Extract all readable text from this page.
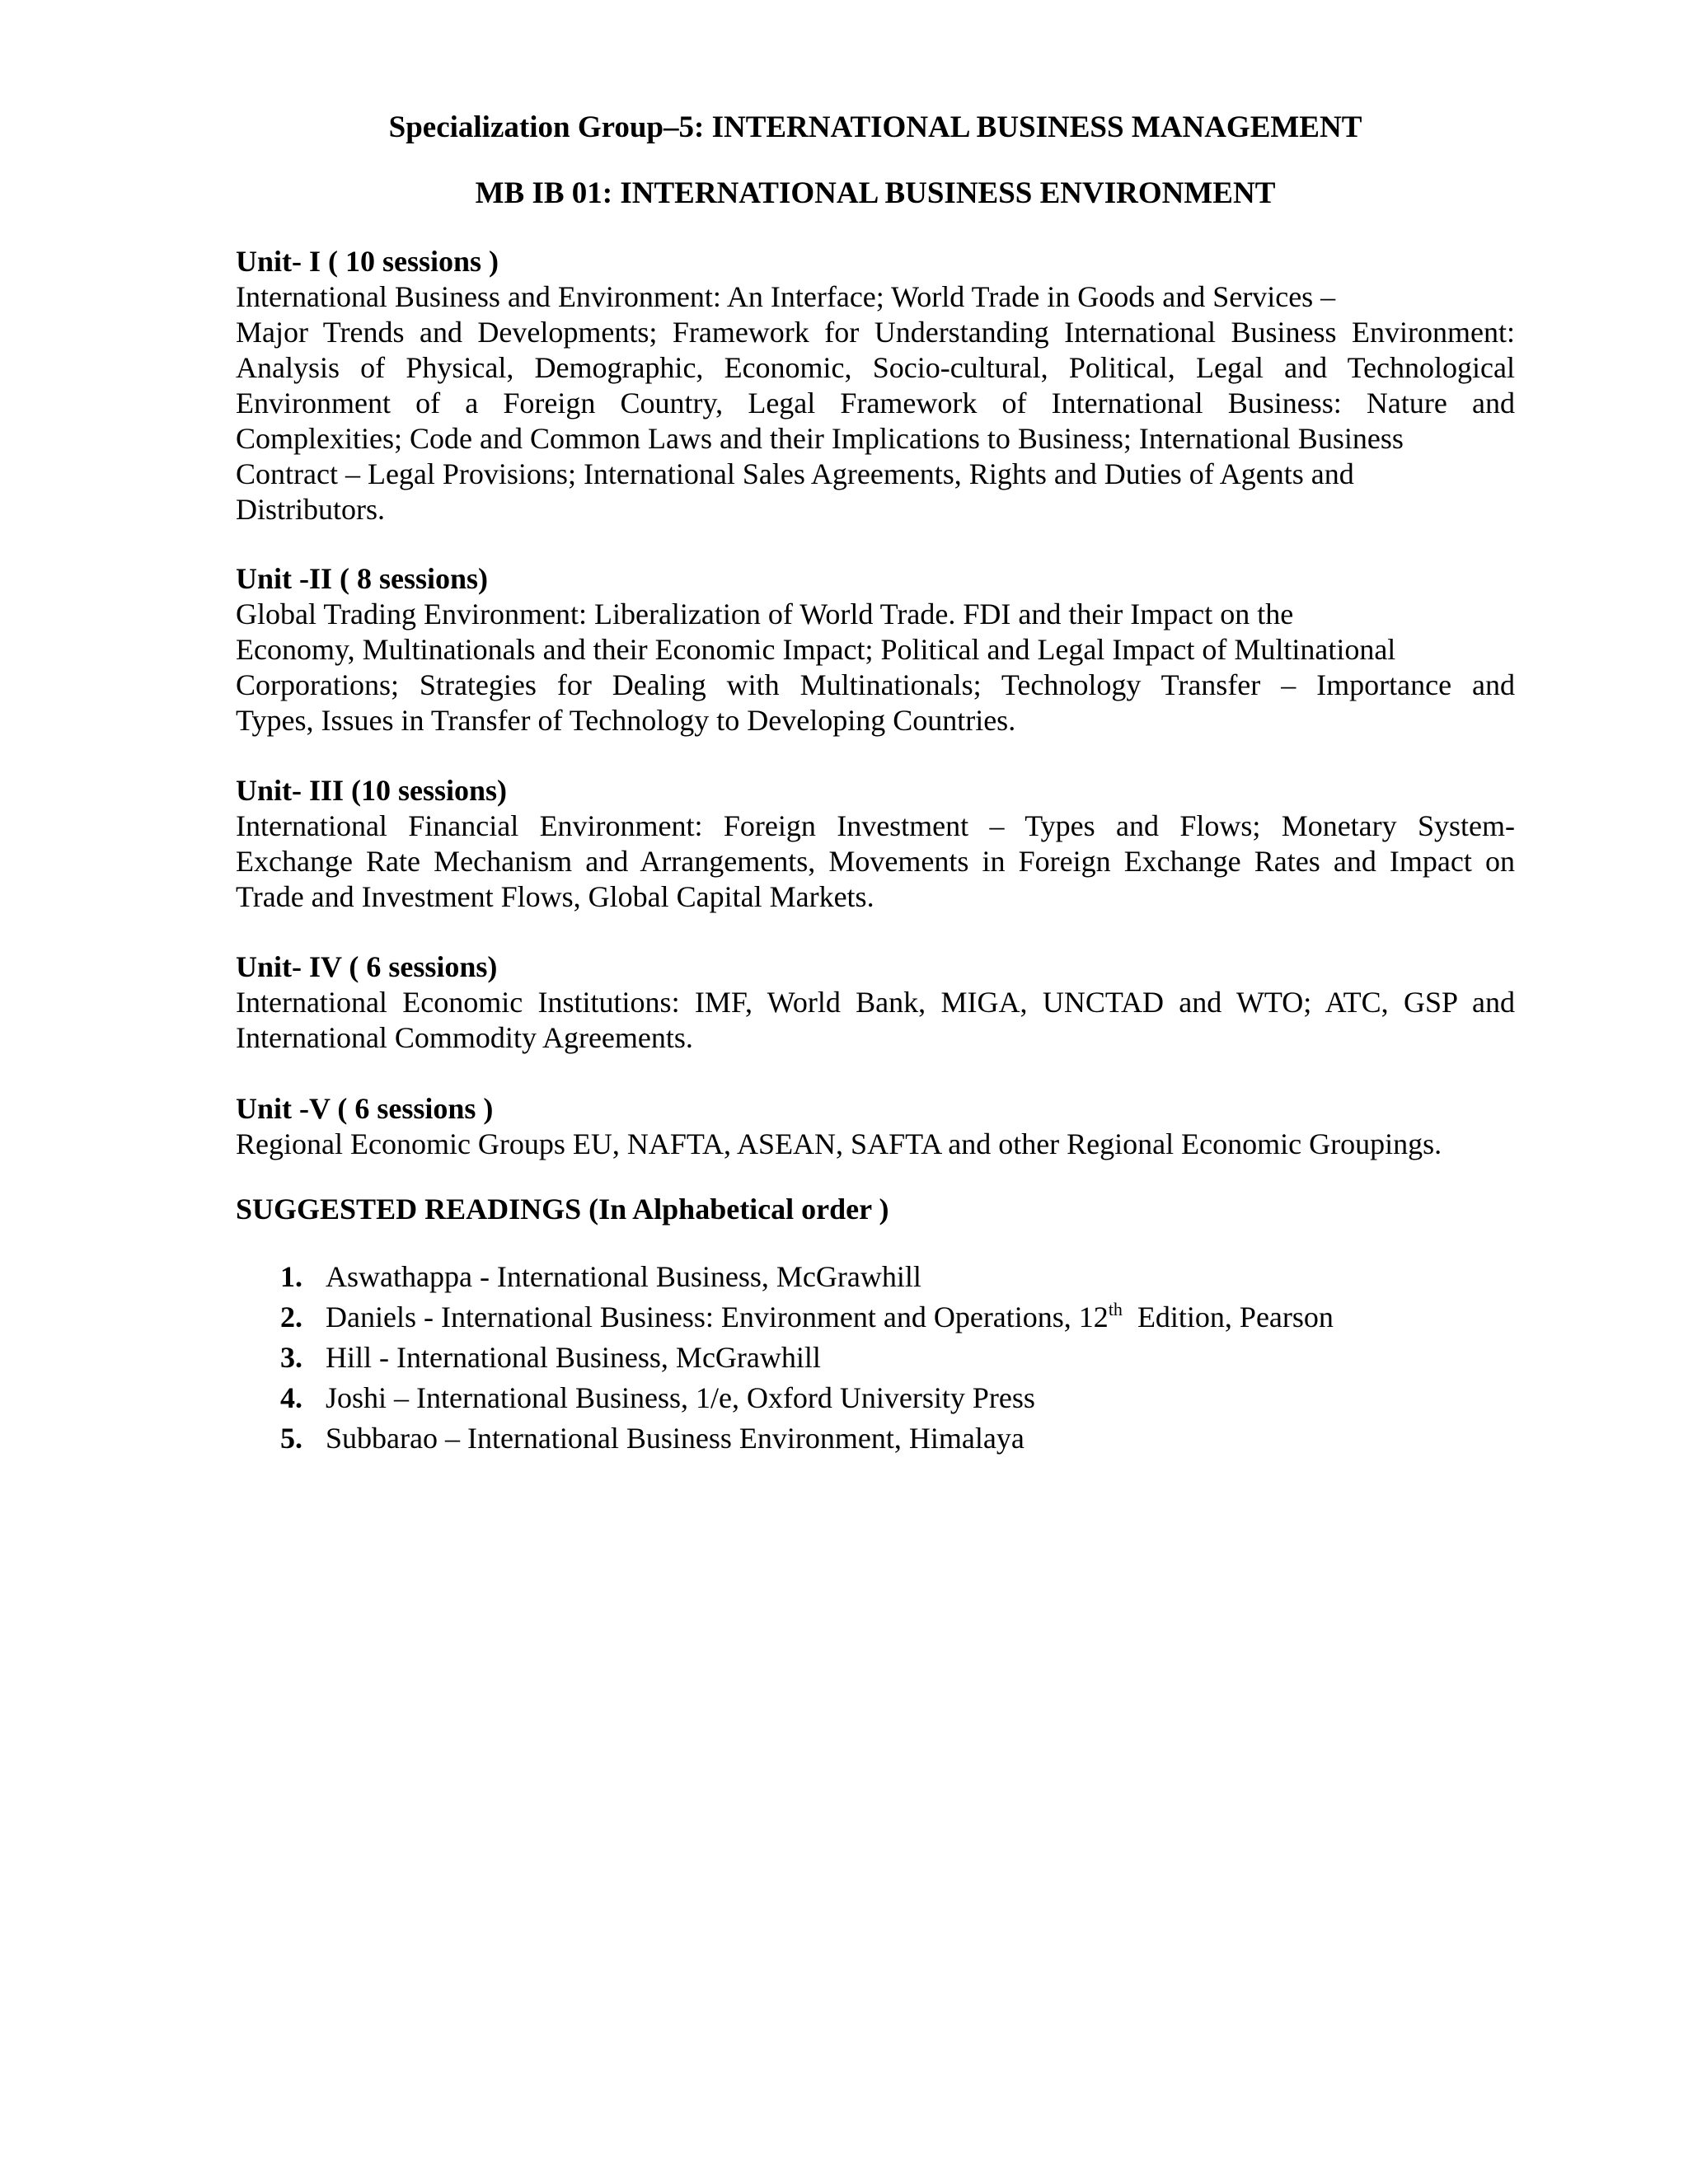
Specialization Group–5: INTERNATIONAL BUSINESS MANAGEMENT
MB IB 01: INTERNATIONAL BUSINESS ENVIRONMENT
Unit- I ( 10 sessions )
International Business and Environment: An Interface; World Trade in Goods and Services –
Major Trends and Developments; Framework for Understanding International Business Environment:
Analysis of Physical, Demographic, Economic, Socio-cultural, Political, Legal and Technological
Environment of a Foreign Country, Legal Framework of International Business: Nature and
Complexities; Code and Common Laws and their Implications to Business; International Business
Contract – Legal Provisions; International Sales Agreements, Rights and Duties of Agents and
Distributors.
Unit -II ( 8 sessions)
Global Trading Environment: Liberalization of World Trade. FDI and their Impact on the
Economy, Multinationals and their Economic Impact; Political and Legal Impact of Multinational
Corporations; Strategies for Dealing with Multinationals; Technology Transfer – Importance and
Types, Issues in Transfer of Technology to Developing Countries.
Unit- III (10 sessions)
International Financial Environment: Foreign Investment – Types and Flows; Monetary System-
Exchange Rate Mechanism and Arrangements, Movements in Foreign Exchange Rates and Impact on
Trade and Investment Flows, Global Capital Markets.
Unit- IV ( 6 sessions)
International Economic Institutions: IMF, World Bank, MIGA, UNCTAD and WTO; ATC, GSP and
International Commodity Agreements.
Unit -V ( 6 sessions )
Regional Economic Groups EU, NAFTA, ASEAN, SAFTA and other Regional Economic Groupings.
SUGGESTED READINGS (In Alphabetical order )
1. Aswathappa - International Business, McGrawhill
2. Daniels - International Business: Environment and Operations, 12th  Edition, Pearson
3. Hill - International Business, McGrawhill
4. Joshi – International Business, 1/e, Oxford University Press
5. Subbarao – International Business Environment, Himalaya
